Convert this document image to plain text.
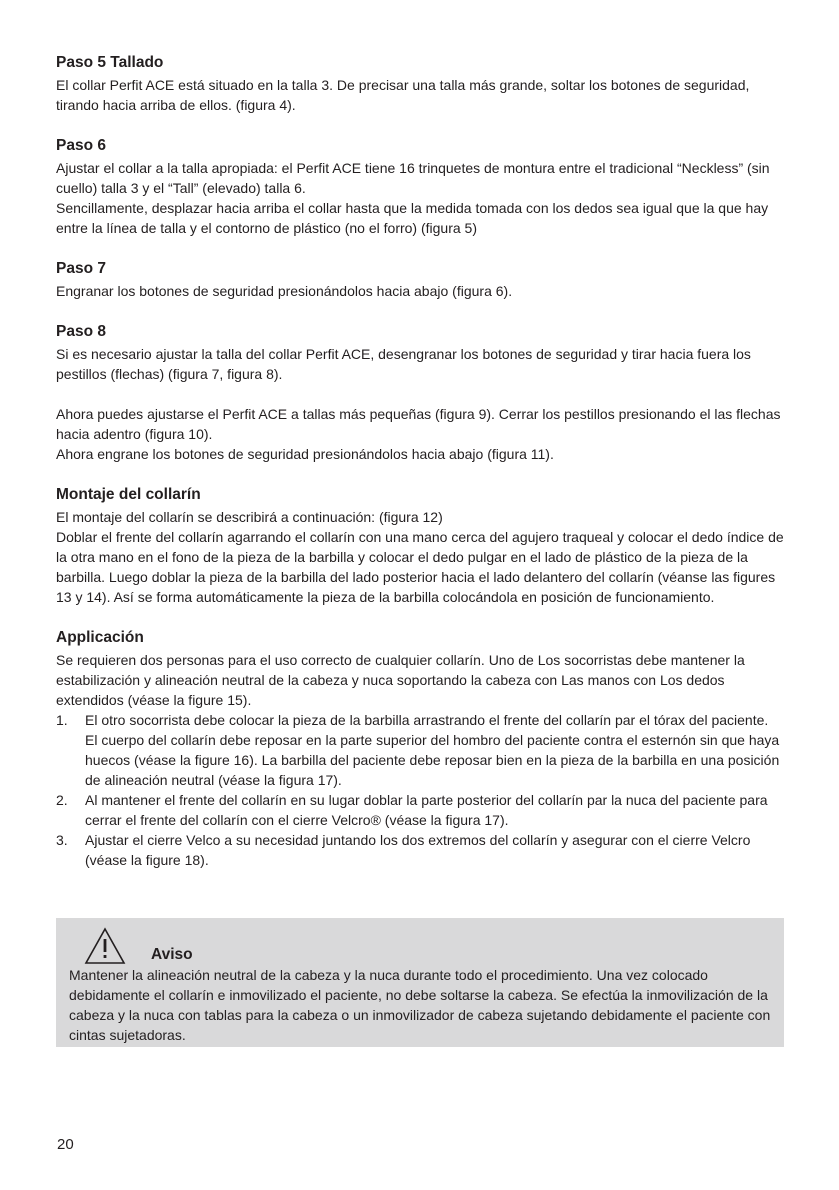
Paso 5 Tallado

El collar Perfit ACE está situado en la talla 3. De precisar una talla más grande, soltar los botones de seguridad, tirando hacia arriba de ellos. (figura 4).

Paso 6

Ajustar el collar a la talla apropiada: el Perfit ACE tiene 16 trinquetes de montura entre el tradicional “Neckless” (sin cuello) talla 3 y el “Tall” (elevado) talla 6.

Sencillamente, desplazar hacia arriba el collar hasta que la medida tomada con los dedos sea igual que la que hay entre la línea de talla y el contorno de plástico (no el forro) (figura 5)

Paso 7

Engranar los botones de seguridad presionándolos hacia abajo (figura 6).

Paso 8

Si es necesario ajustar la talla del collar Perfit ACE, desengranar los botones de seguridad y tirar hacia fuera los pestillos (flechas) (figura 7, figura 8).

Ahora puedes ajustarse el Perfit ACE a tallas más pequeñas (figura 9). Cerrar los pestillos presionando el las flechas hacia adentro (figura 10).

Ahora engrane los botones de seguridad presionándolos hacia abajo (figura 11).

Montaje del collarín

El montaje del collarín se describirá a continuación: (figura 12)

Doblar el frente del collarín agarrando el collarín con una mano cerca del agujero traqueal y colocar el dedo índice de la otra mano en el fono de la pieza de la barbilla y colocar el dedo pulgar en el lado de plástico de la pieza de la barbilla. Luego doblar la pieza de la barbilla del lado posterior hacia el lado delantero del collarín (véanse las figures 13 y 14). Así se forma automáticamente la pieza de la barbilla colocándola en posición de funcionamiento.

Applicación

Se requieren dos personas para el uso correcto de cualquier collarín. Uno de Los socorristas debe mantener la estabilización y alineación neutral de la cabeza y nuca soportando la cabeza con Las manos con Los dedos extendidos (véase la figure 15).

1. El otro socorrista debe colocar la pieza de la barbilla arrastrando el frente del collarín par el tórax del paciente. El cuerpo del collarín debe reposar en la parte superior del hombro del paciente contra el esternón sin que haya huecos (véase la figure 16). La barbilla del paciente debe reposar bien en la pieza de la barbilla en una posición de alineación neutral (véase la figura 17).
2. Al mantener el frente del collarín en su lugar doblar la parte posterior del collarín par la nuca del paciente para cerrar el frente del collarín con el cierre Velcro® (véase la figura 17).
3. Ajustar el cierre Velco a su necesidad juntando los dos extremos del collarín y asegurar con el cierre Velcro (véase la figure 18).
Aviso

Mantener la alineación neutral de la cabeza y la nuca durante todo el procedimiento. Una vez colocado debidamente el collarín e inmovilizado el paciente, no debe soltarse la cabeza. Se efectúa la inmovilización de la cabeza y la nuca con tablas para la cabeza o un inmovilizador de cabeza sujetando debidamente el paciente con cintas sujetadoras.

20
